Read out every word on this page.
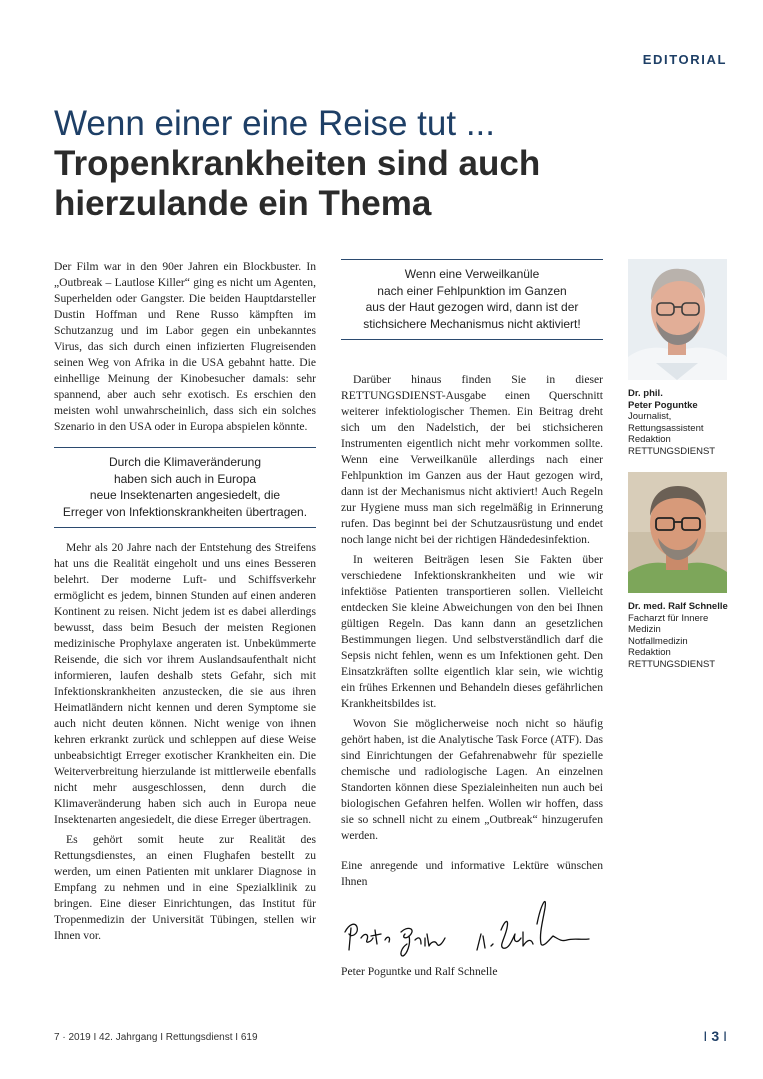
EDITORIAL
Wenn einer eine Reise tut ...
Tropenkrankheiten sind auch
hierzulande ein Thema

Der Film war in den 90er Jahren ein Blockbuster. In „Outbreak – Lautlose Killer“ ging es nicht um Agenten, Superhelden oder Gangster. Die beiden Hauptdarsteller Dustin Hoffman und Rene Russo kämpften im Schutzanzug und im Labor gegen ein unbekanntes Virus, das sich durch einen infizierten Flugreisenden seinen Weg von Afrika in die USA gebahnt hatte. Die einhellige Meinung der Kinobesucher damals: sehr spannend, aber auch sehr exotisch. Es erschien den meisten wohl unwahrscheinlich, dass sich ein solches Szenario in den USA oder in Europa abspielen könnte.

Durch die Klimaveränderung
haben sich auch in Europa
neue Insektenarten angesiedelt, die
Erreger von Infektionskrankheiten übertragen.

Mehr als 20 Jahre nach der Entstehung des Streifens hat uns die Realität eingeholt und uns eines Besseren belehrt. Der moderne Luft- und Schiffsverkehr ermöglicht es jedem, binnen Stunden auf einen anderen Kontinent zu reisen. Nicht jedem ist es dabei allerdings bewusst, dass beim Besuch der meisten Regionen medizinische Prophylaxe angeraten ist. Unbekümmerte Reisende, die sich vor ihrem Auslandsaufenthalt nicht informieren, laufen deshalb stets Gefahr, sich mit Infektionskrankheiten anzustecken, die sie aus ihren Heimatländern nicht kennen und deren Symptome sie auch nicht deuten können. Nicht wenige von ihnen kehren erkrankt zurück und schleppen auf diese Weise unbeabsichtigt Erreger exotischer Krankheiten ein. Die Weiterverbreitung hierzulande ist mittlerweile ebenfalls nicht mehr ausgeschlossen, denn durch die Klimaveränderung haben sich auch in Europa neue Insektenarten angesiedelt, die diese Erreger übertragen.

Es gehört somit heute zur Realität des Rettungsdienstes, an einen Flughafen bestellt zu werden, um einen Patienten mit unklarer Diagnose in Empfang zu nehmen und in eine Spezialklinik zu bringen. Eine dieser Einrichtungen, das Institut für Tropenmedizin der Universität Tübingen, stellen wir Ihnen vor.

Wenn eine Verweilkanüle
nach einer Fehlpunktion im Ganzen
aus der Haut gezogen wird, dann ist der
stichsichere Mechanismus nicht aktiviert!

Darüber hinaus finden Sie in dieser RETTUNGSDIENST-Ausgabe einen Querschnitt weiterer infektiologischer Themen. Ein Beitrag dreht sich um den Nadelstich, der bei stichsicheren Instrumenten eigentlich nicht mehr vorkommen sollte. Wenn eine Verweilkanüle allerdings nach einer Fehlpunktion im Ganzen aus der Haut gezogen wird, dann ist der Mechanismus nicht aktiviert! Auch Regeln zur Hygiene muss man sich regelmäßig in Erinnerung rufen. Das beginnt bei der Schutzausrüstung und endet noch lange nicht bei der richtigen Händedesinfektion.

In weiteren Beiträgen lesen Sie Fakten über verschiedene Infektionskrankheiten und wie wir infektiöse Patienten transportieren sollen. Vielleicht entdecken Sie kleine Abweichungen von den bei Ihnen gültigen Regeln. Das kann dann an gesetzlichen Bestimmungen liegen. Und selbstverständlich darf die Sepsis nicht fehlen, wenn es um Infektionen geht. Den Einsatzkräften sollte eigentlich klar sein, wie wichtig ein frühes Erkennen und Behandeln dieses gefährlichen Krankheitsbildes ist.

Wovon Sie möglicherweise noch nicht so häufig gehört haben, ist die Analytische Task Force (ATF). Das sind Einrichtungen der Gefahrenabwehr für spezielle chemische und radiologische Lagen. An einzelnen Standorten können diese Spezialeinheiten nun auch bei biologischen Gefahren helfen. Wollen wir hoffen, dass sie so schnell nicht zu einem „Outbreak“ hinzugerufen werden.

Eine anregende und informative Lektüre wünschen Ihnen

Peter Poguntke und Ralf Schnelle

Dr. phil.
Peter Poguntke
Journalist,
Rettungsassistent
Redaktion
RETTUNGSDIENST
Dr. med. Ralf Schnelle
Facharzt für Innere
Medizin
Notfallmedizin
Redaktion
RETTUNGSDIENST
7 · 2019 I 42. Jahrgang I Rettungsdienst I 619	I 3 I
